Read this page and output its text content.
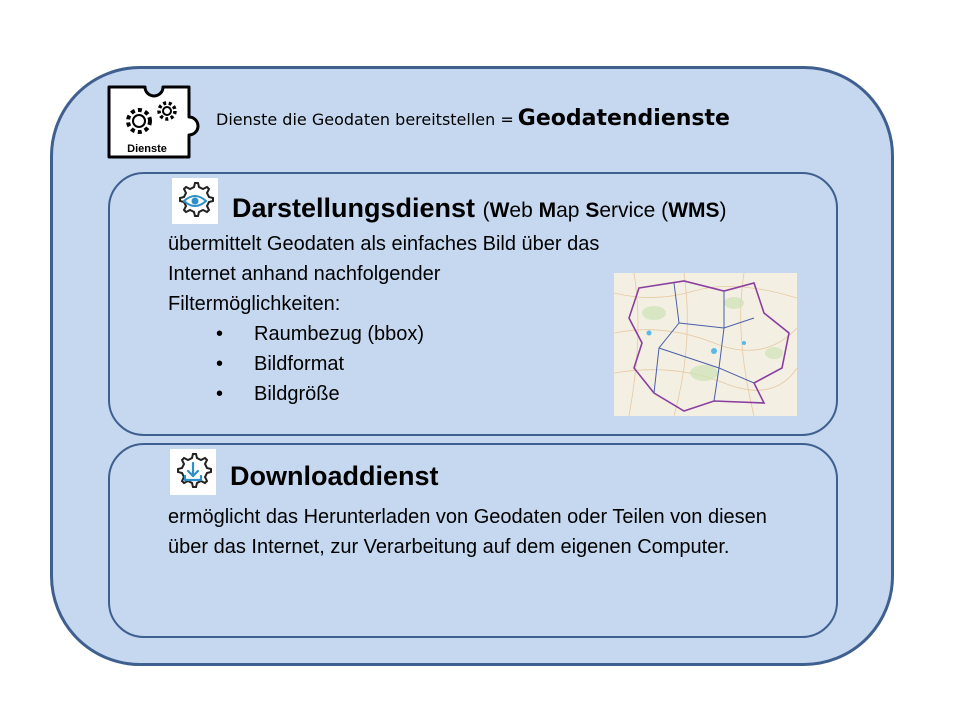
Dienste
Dienste die Geodaten bereitstellen = Geodatendienste
Darstellungsdienst (Web Map Service (WMS)
übermittelt Geodaten als einfaches Bild über das Internet anhand nachfolgender Filtermöglichkeiten:
• Raumbezug (bbox)
• Bildformat
• Bildgröße
Downloaddienst
ermöglicht das Herunterladen von Geodaten oder Teilen von diesen über das Internet, zur Verarbeitung auf dem eigenen Computer.
